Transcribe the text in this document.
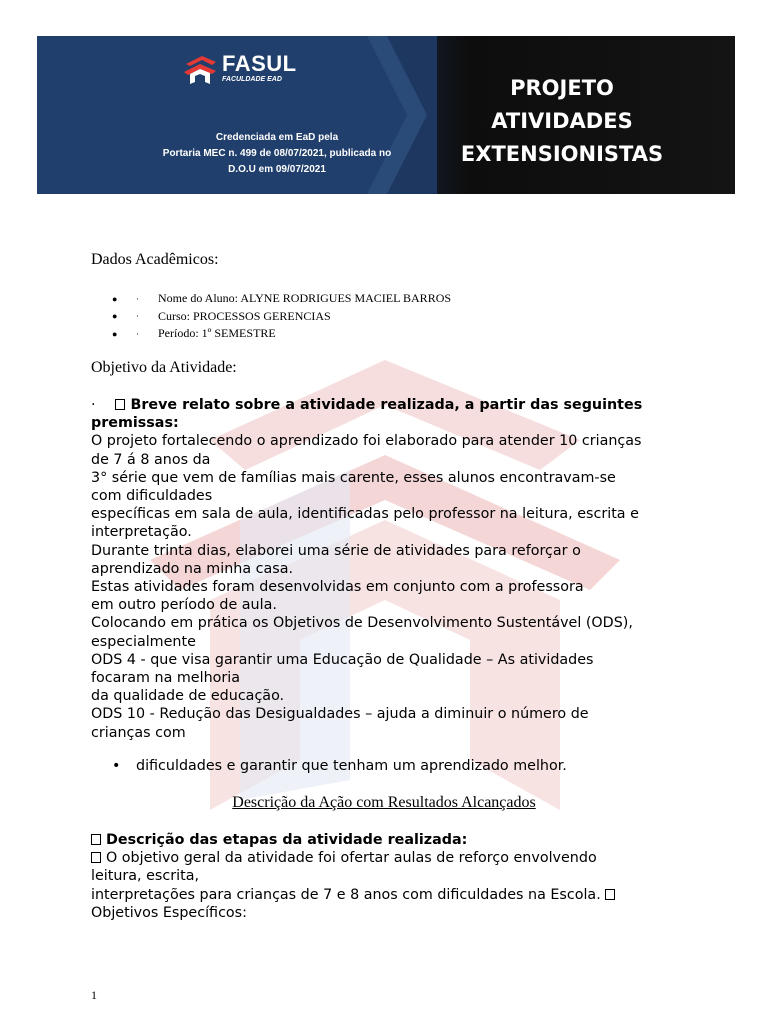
FASUL
FACULDADE EAD
Credenciada em EaD pela
Portaria MEC n. 499 de 08/07/2021, publicada no
D.O.U em 09/07/2021
PROJETO
ATIVIDADES
EXTENSIONISTAS
Dados Acadêmicos:
●	·	Nome do Aluno: ALYNE RODRIGUES MACIEL BARROS
●	·	Curso: PROCESSOS GERENCIAS
●	·	Período: 1º SEMESTRE
Objetivo da Atividade:

· Breve relato sobre a atividade realizada, a partir das seguintes

premissas:

O projeto fortalecendo o aprendizado foi elaborado para atender 10 crianças

de 7 á 8 anos da

3° série que vem de famílias mais carente, esses alunos encontravam-se

com dificuldades

específicas em sala de aula, identificadas pelo professor na leitura, escrita e

interpretação.

Durante trinta dias, elaborei uma série de atividades para reforçar o

aprendizado na minha casa.

Estas atividades foram desenvolvidas em conjunto com a professora

em outro período de aula.

Colocando em prática os Objetivos de Desenvolvimento Sustentável (ODS),

especialmente

ODS 4 - que visa garantir uma Educação de Qualidade – As atividades

focaram na melhoria

da qualidade de educação.

ODS 10 - Redução das Desigualdades – ajuda a diminuir o número de

crianças com

• dificuldades e garantir que tenham um aprendizado melhor.
Descrição da Ação com Resultados Alcançados

Descrição das etapas da atividade realizada:

O objetivo geral da atividade foi ofertar aulas de reforço envolvendo

leitura, escrita,

interpretações para crianças de 7 e 8 anos com dificuldades na Escola.

Objetivos Específicos:

1
